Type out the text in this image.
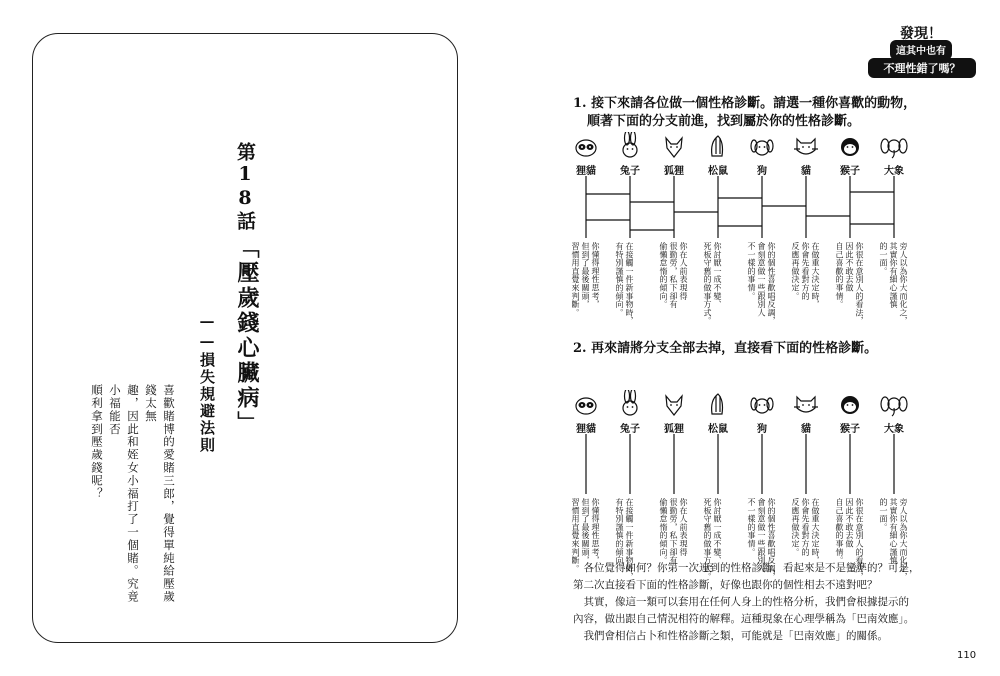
第18話
「壓歲錢心臟病」
——損失規避法則
喜歡賭博的愛賭三郎，覺得單純給壓歲錢太無
趣，因此和姪女小福打了一個賭。究竟小福能否
順利拿到壓歲錢呢？
發現！
這其中也有
不理性錯了嗎？
1. 接下來請各位做一個性格診斷。請選一種你喜歡的動物，
順著下面的分支前進，找到屬於你的性格診斷。
狸貓
你懂得理性思考，
但到了最後關頭，
習慣用直覺來判斷。
兔子
在接觸一件新事物時，
有特別謹慎的傾向。
狐狸
你在人前表現得
很勤勞，私下卻有
偷懶怠惰的傾向。
松鼠
你討厭一成不變、
死板守舊的做事方式。
狗
你的個性喜歡唱反調，
會刻意做一些跟別人
不一樣的事情。
貓
在做重大決定時，
你會先看對方的
反應再做決定。
猴子
你很在意別人的看法，
因此不敢去做
自己喜歡的事情。
大象
旁人以為你大而化之，
其實你有細心謹慎
的一面。
2. 再來請將分支全部去掉，直接看下面的性格診斷。
狸貓
你懂得理性思考，
但到了最後關頭，
習慣用直覺來判斷。
兔子
在接觸一件新事物時，
有特別謹慎的傾向。
狐狸
你在人前表現得
很勤勞，私下卻有
偷懶怠惰的傾向。
松鼠
你討厭一成不變、
死板守舊的做事方式。
狗
你的個性喜歡唱反調，
會刻意做一些跟別人
不一樣的事情。
貓
在做重大決定時，
你會先看對方的
反應再做決定。
猴子
你很在意別人的看法，
因此不敢去做
自己喜歡的事情。
大象
旁人以為你大而化之，
其實你有細心謹慎
的一面。

各位覺得如何？你第一次連到的性格診斷，看起來是不是蠻準的？可是，

第二次直接看下面的性格診斷，好像也跟你的個性相去不遠對吧？

其實，像這一類可以套用在任何人身上的性格分析，我們會根據提示的

內容，做出跟自己情況相符的解釋。這種現象在心理學稱為「巴南效應」。

我們會相信占卜和性格診斷之類，可能就是「巴南效應」的關係。

110
